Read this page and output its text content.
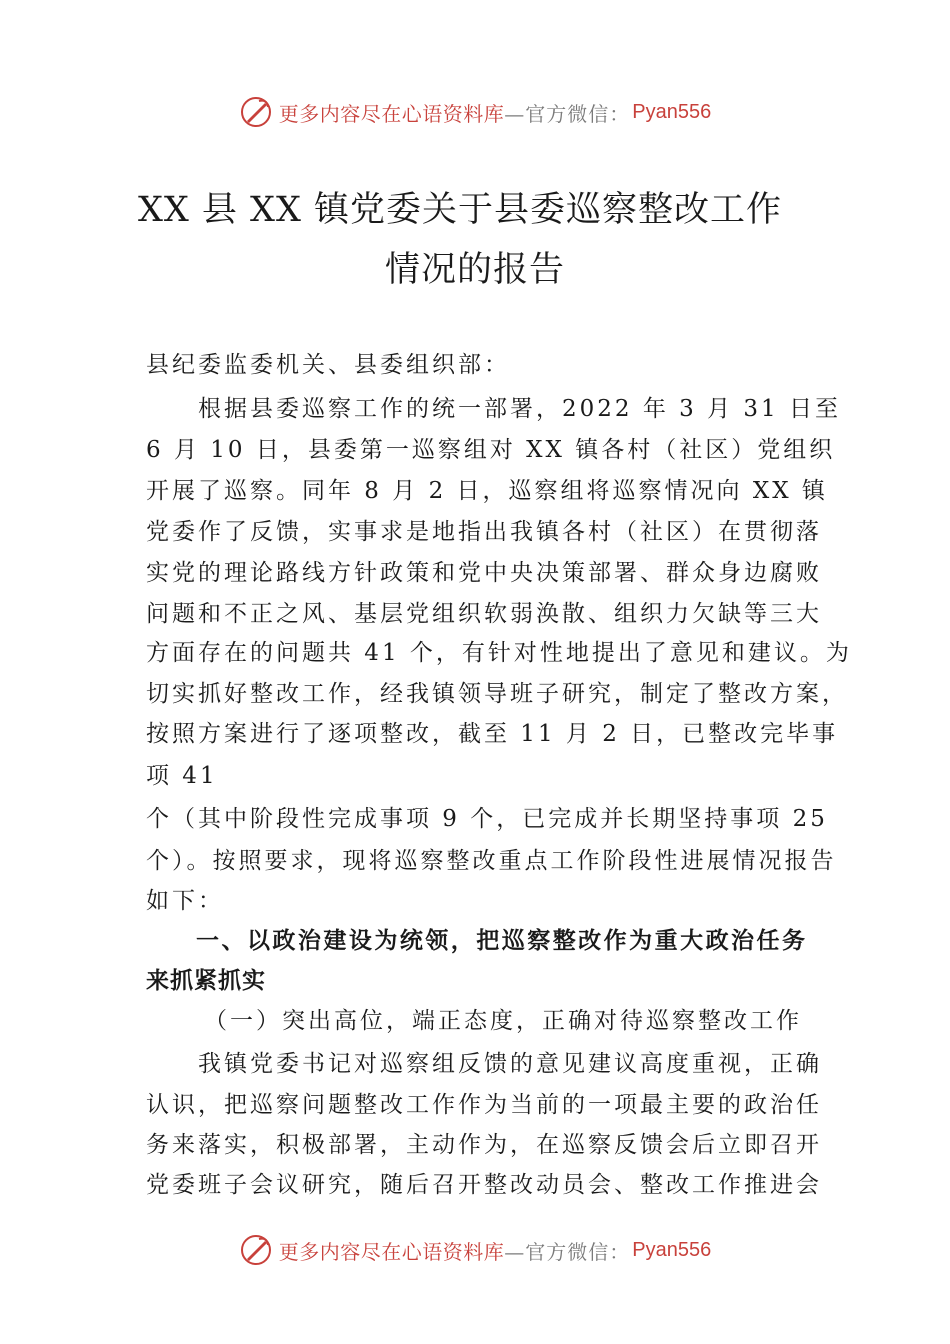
更多内容尽在心语资料库 —官方微信： Pyan556
XX 县 XX 镇党委关于县委巡察整改工作
情况的报告
县纪委监委机关、县委组织部：
根据县委巡察工作的统一部署，2022 年 3 月 31 日至
6 月 10 日，县委第一巡察组对 XX 镇各村（社区）党组织
开展了巡察。同年 8 月 2 日，巡察组将巡察情况向 XX 镇
党委作了反馈，实事求是地指出我镇各村（社区）在贯彻落
实党的理论路线方针政策和党中央决策部署、群众身边腐败
问题和不正之风、基层党组织软弱涣散、组织力欠缺等三大
方面存在的问题共 41 个，有针对性地提出了意见和建议。为
切实抓好整改工作，经我镇领导班子研究，制定了整改方案，
按照方案进行了逐项整改，截至 11 月 2 日，已整改完毕事
项 41
个（其中阶段性完成事项 9 个，已完成并长期坚持事项 25
个）。按照要求，现将巡察整改重点工作阶段性进展情况报告
如下：
一、以政治建设为统领，把巡察整改作为重大政治任务
来抓紧抓实
（一）突出高位，端正态度，正确对待巡察整改工作
我镇党委书记对巡察组反馈的意见建议高度重视，正确
认识，把巡察问题整改工作作为当前的一项最主要的政治任
务来落实，积极部署，主动作为，在巡察反馈会后立即召开
党委班子会议研究，随后召开整改动员会、整改工作推进会
更多内容尽在心语资料库 —官方微信： Pyan556
